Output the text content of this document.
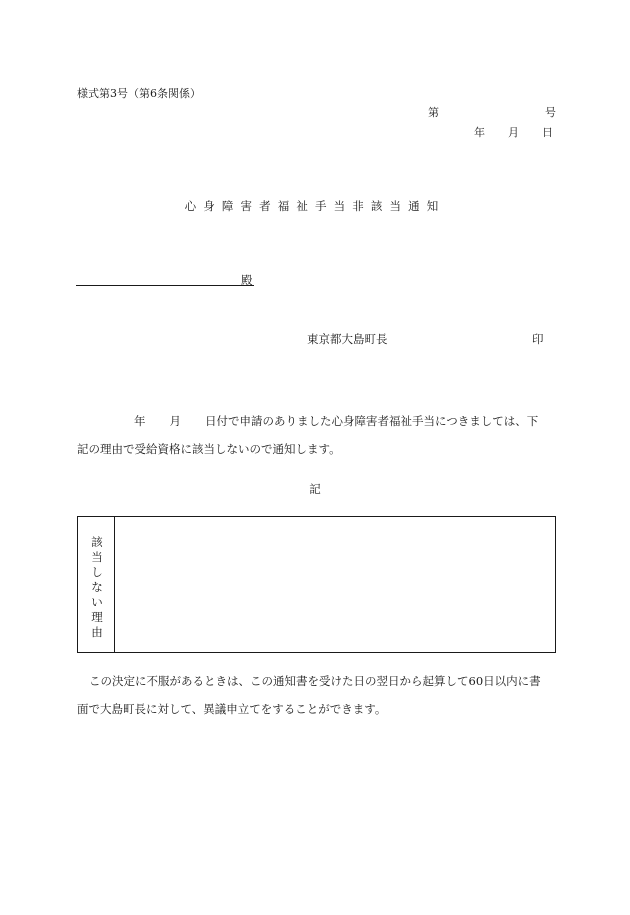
様式第3号（第6条関係）
第	号
年 月 日
心身障害者福祉手当非該当通知
殿
東京都大島町長	印
年 月 日付で申請のありました心身障害者福祉手当につきましては、下
記の理由で受給資格に該当しないので通知します。
記
該当しない理由
この決定に不服があるときは、この通知書を受けた日の翌日から起算して60日以内に書
面で大島町長に対して、異議申立てをすることができます。
